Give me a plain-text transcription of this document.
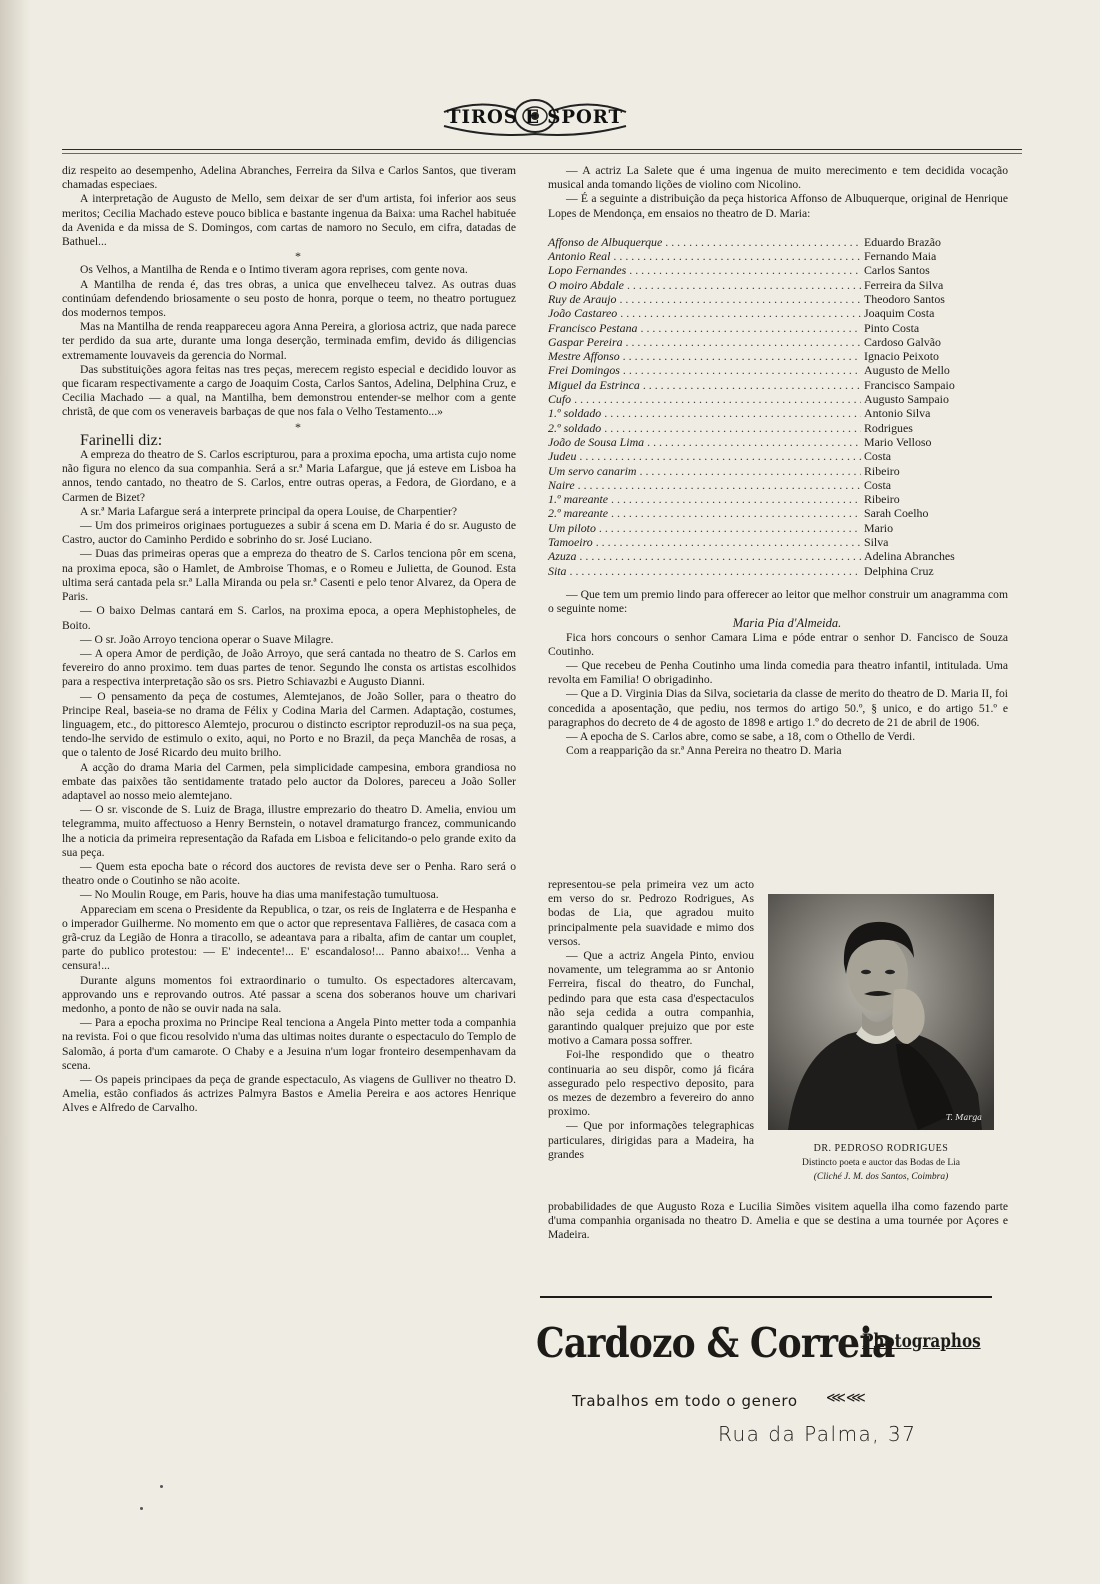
TIROS E SPORT

diz respeito ao desempenho, Adelina Abranches, Ferreira da Silva e Carlos Santos, que tiveram chamadas especiaes.

A interpretação de Augusto de Mello, sem deixar de ser d'um artista, foi inferior aos seus meritos; Cecilia Machado esteve pouco biblica e bastante ingenua da Baixa: uma Rachel habituée da Avenida e da missa de S. Domingos, com cartas de namoro no Seculo, em cifra, datadas de Bathuel...

*

Os Velhos, a Mantilha de Renda e o Intimo tiveram agora reprises, com gente nova.

A Mantilha de renda é, das tres obras, a unica que envelheceu talvez. As outras duas continúam defendendo briosamente o seu posto de honra, porque o teem, no theatro portuguez dos modernos tempos.

Mas na Mantilha de renda reappareceu agora Anna Pereira, a gloriosa actriz, que nada parece ter perdido da sua arte, durante uma longa deserção, terminada emfim, devido ás diligencias extremamente louvaveis da gerencia do Normal.

Das substituições agora feitas nas tres peças, merecem registo especial e decidido louvor as que ficaram respectivamente a cargo de Joaquim Costa, Carlos Santos, Adelina, Delphina Cruz, e Cecilia Machado — a qual, na Mantilha, bem demonstrou entender-se melhor com a gente christã, de que com os veneraveis barbaças de que nos fala o Velho Testamento...»

*

Farinelli diz:

A empreza do theatro de S. Carlos escripturou, para a proxima epocha, uma artista cujo nome não figura no elenco da sua companhia. Será a sr.ª Maria Lafargue, que já esteve em Lisboa ha annos, tendo cantado, no theatro de S. Carlos, entre outras operas, a Fedora, de Giordano, e a Carmen de Bizet?

A sr.ª Maria Lafargue será a interprete principal da opera Louise, de Charpentier?

— Um dos primeiros originaes portuguezes a subir á scena em D. Maria é do sr. Augusto de Castro, auctor do Caminho Perdido e sobrinho do sr. José Luciano.

— Duas das primeiras operas que a empreza do theatro de S. Carlos tenciona pôr em scena, na proxima epoca, são o Hamlet, de Ambroise Thomas, e o Romeu e Julietta, de Gounod. Esta ultima será cantada pela sr.ª Lalla Miranda ou pela sr.ª Casenti e pelo tenor Alvarez, da Opera de Paris.

— O baixo Delmas cantará em S. Carlos, na proxima epoca, a opera Mephistopheles, de Boito.

— O sr. João Arroyo tenciona operar o Suave Milagre.

— A opera Amor de perdição, de João Arroyo, que será cantada no theatro de S. Carlos em fevereiro do anno proximo. tem duas partes de tenor. Segundo lhe consta os artistas escolhidos para a respectiva interpretação são os srs. Pietro Schiavazbi e Augusto Dianni.

— O pensamento da peça de costumes, Alemtejanos, de João Soller, para o theatro do Principe Real, baseia-se no drama de Félix y Codina Maria del Carmen. Adaptação, costumes, linguagem, etc., do pittoresco Alemtejo, procurou o distincto escriptor reproduzil-os na sua peça, tendo-lhe servido de estimulo o exito, aqui, no Porto e no Brazil, da peça Manchêa de rosas, a que o talento de José Ricardo deu muito brilho.

A acção do drama Maria del Carmen, pela simplicidade campesina, embora grandiosa no embate das paixões tão sentidamente tratado pelo auctor da Dolores, pareceu a João Soller adaptavel ao nosso meio alemtejano.

— O sr. visconde de S. Luiz de Braga, illustre emprezario do theatro D. Amelia, enviou um telegramma, muito affectuoso a Henry Bernstein, o notavel dramaturgo francez, communicando lhe a noticia da primeira representação da Rafada em Lisboa e felicitando-o pelo grande exito da sua peça.

— Quem esta epocha bate o récord dos auctores de revista deve ser o Penha. Raro será o theatro onde o Coutinho se não acoite.

— No Moulin Rouge, em Paris, houve ha dias uma manifestação tumultuosa.

Appareciam em scena o Presidente da Republica, o tzar, os reis de Inglaterra e de Hespanha e o imperador Guilherme. No momento em que o actor que representava Fallières, de casaca com a grã-cruz da Legião de Honra a tiracollo, se adeantava para a ribalta, afim de cantar um couplet, parte do publico protestou: — E' indecente!... E' escandaloso!... Panno abaixo!... Venha a censura!...

Durante alguns momentos foi extraordinario o tumulto. Os espectadores altercavam, approvando uns e reprovando outros. Até passar a scena dos soberanos houve um charivari medonho, a ponto de não se ouvir nada na sala.

— Para a epocha proxima no Principe Real tenciona a Angela Pinto metter toda a companhia na revista. Foi o que ficou resolvido n'uma das ultimas noites durante o espectaculo do Templo de Salomão, á porta d'um camarote. O Chaby e a Jesuina n'um logar fronteiro desempenhavam da scena.

— Os papeis principaes da peça de grande espectaculo, As viagens de Gulliver no theatro D. Amelia, estão confiados ás actrizes Palmyra Bastos e Amelia Pereira e aos actores Henrique Alves e Alfredo de Carvalho.

— A actriz La Salete que é uma ingenua de muito merecimento e tem decidida vocação musical anda tomando lições de violino com Nicolino.

— É a seguinte a distribuição da peça historica Affonso de Albuquerque, original de Henrique Lopes de Mendonça, em ensaios no theatro de D. Maria:

Affonso de Albuquerque . . .	Eduardo Brazão
Antonio Real . . .	Fernando Maia
Lopo Fernandes . . .	Carlos Santos
O moiro Abdale . . .	Ferreira da Silva
Ruy de Araujo . . .	Theodoro Santos
João Castareo . . .	Joaquim Costa
Francisco Pestana . . .	Pinto Costa
Gaspar Pereira . . .	Cardoso Galvão
Mestre Affonso . . .	Ignacio Peixoto
Frei Domingos . . .	Augusto de Mello
Miguel da Estrinca . . .	Francisco Sampaio
Cufo . . .	Augusto Sampaio
1.º soldado . . .	Antonio Silva
2.º soldado . . .	Rodrigues
João de Sousa Lima . . .	Mario Velloso
Judeu . . .	Costa
Um servo canarim . . .	Ribeiro
Naire . . .	Costa
1.º mareante . . .	Ribeiro
2.º mareante . . .	Sarah Coelho
Um piloto . . .	Mario
Tamoeiro . . .	Silva
Azuza . . .	Adelina Abranches
Sita . . .	Delphina Cruz

— Que tem um premio lindo para offerecer ao leitor que melhor construir um anagramma com o seguinte nome:

Maria Pia d'Almeida.

Fica hors concours o senhor Camara Lima e póde entrar o senhor D. Fancisco de Souza Coutinho.

— Que recebeu de Penha Coutinho uma linda comedia para theatro infantil, intitulada. Uma revolta em Familia! O obrigadinho.

— Que a D. Virginia Dias da Silva, societaria da classe de merito do theatro de D. Maria II, foi concedida a aposentação, que pediu, nos termos do artigo 50.º, § unico, e do artigo 51.º e paragraphos do decreto de 4 de agosto de 1898 e artigo 1.º do decreto de 21 de abril de 1906.

— A epocha de S. Carlos abre, como se sabe, a 18, com o Othello de Verdi.

Com a reapparição da sr.ª Anna Pereira no theatro D. Maria

representou-se pela primeira vez um acto em verso do sr. Pedrozo Rodrigues, As bodas de Lia, que agradou muito principalmente pela suavidade e mimo dos versos.

— Que a actriz Angela Pinto, enviou novamente, um telegramma ao sr Antonio Ferreira, fiscal do theatro, do Funchal, pedindo para que esta casa d'espectaculos não seja cedida a outra companhia, garantindo qualquer prejuizo que por este motivo a Camara possa soffrer.

Foi-lhe respondido que o theatro continuaria ao seu dispôr, como já ficára assegurado pelo respectivo deposito, para os mezes de dezembro a fevereiro do anno proximo.

— Que por informações telegraphicas particulares, dirigidas para a Madeira, ha grandes

probabilidades de que Augusto Roza e Lucilia Simões visitem aquella ilha como fazendo parte d'uma companhia organisada no theatro D. Amelia e que se destina a uma tournée por Açores e Madeira.

T. Marga
DR. PEDROSO RODRIGUES
Distincto poeta e auctor das Bodas de Lia
(Cliché J. M. dos Santos, Coimbra)
Cardozo & Correia
Photographos
Trabalhos em todo o genero ⋘⋘
Rua da Palma, 37
